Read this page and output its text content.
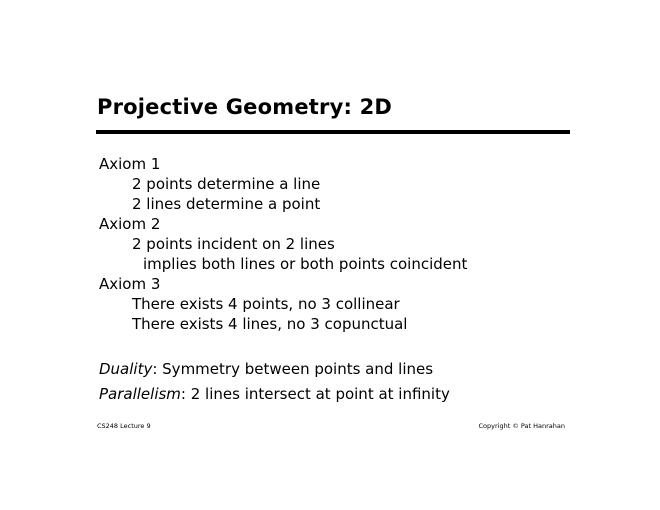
Projective Geometry: 2D
Axiom 1
2 points determine a line
2 lines determine a point
Axiom 2
2 points incident on 2 lines
implies both lines or both points coincident
Axiom 3
There exists 4 points, no 3 collinear
There exists 4 lines, no 3 copunctual
Duality: Symmetry between points and lines
Parallelism: 2 lines intersect at point at infinity
CS248 Lecture 9	Copyright © Pat Hanrahan
